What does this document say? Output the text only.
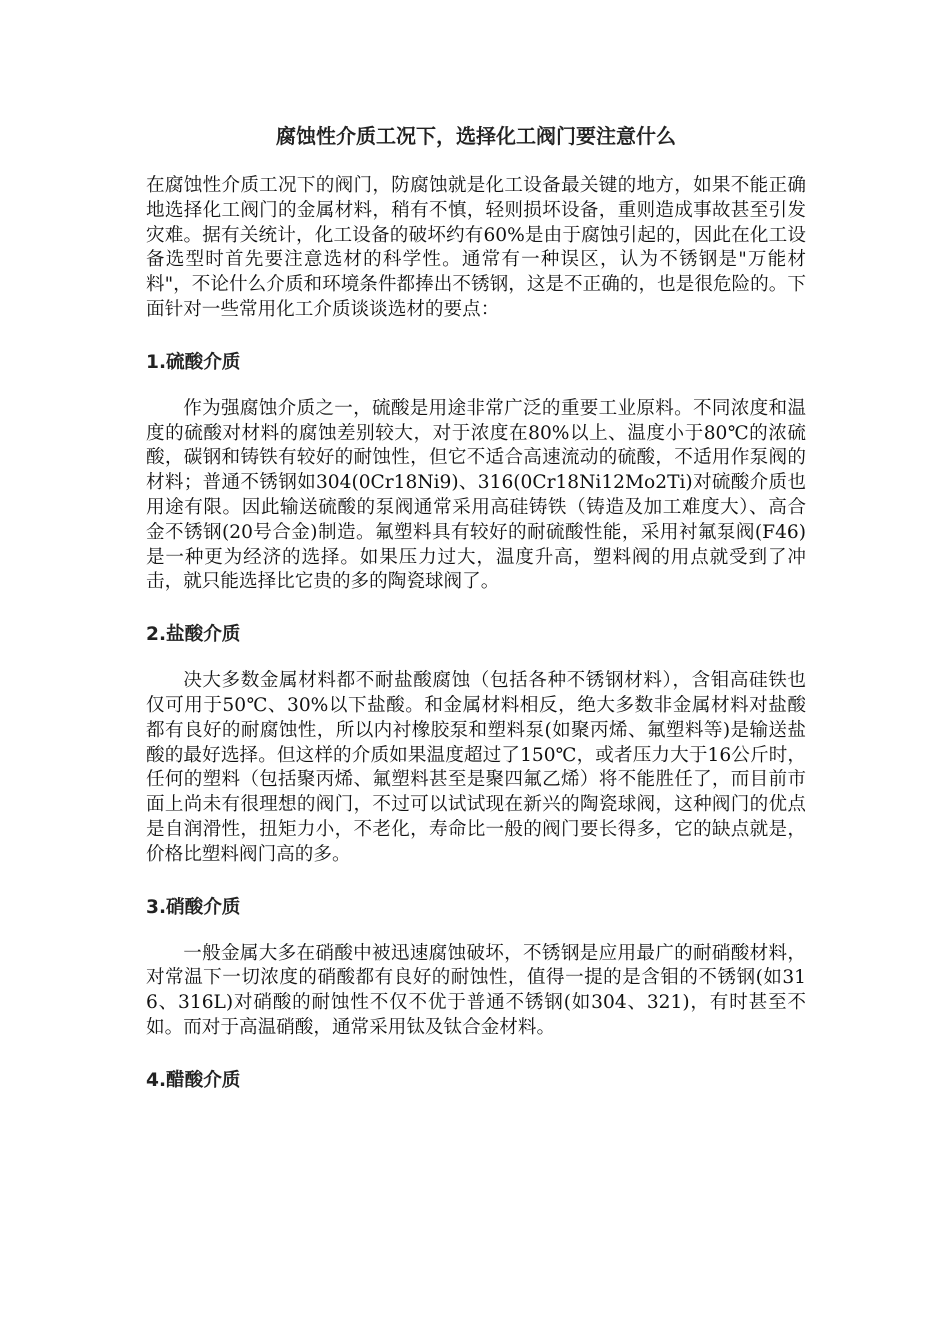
腐蚀性介质工况下，选择化工阀门要注意什么

在腐蚀性介质工况下的阀门，防腐蚀就是化工设备最关键的地方，如果不能正确地选择化工阀门的金属材料，稍有不慎，轻则损坏设备，重则造成事故甚至引发灾难。据有关统计，化工设备的破坏约有60%是由于腐蚀引起的，因此在化工设备选型时首先要注意选材的科学性。通常有一种误区，认为不锈钢是"万能材料"，不论什么介质和环境条件都捧出不锈钢，这是不正确的，也是很危险的。下面针对一些常用化工介质谈谈选材的要点：

1.硫酸介质

作为强腐蚀介质之一，硫酸是用途非常广泛的重要工业原料。不同浓度和温度的硫酸对材料的腐蚀差别较大，对于浓度在80%以上、温度小于80℃的浓硫酸，碳钢和铸铁有较好的耐蚀性，但它不适合高速流动的硫酸，不适用作泵阀的材料；普通不锈钢如304(0Cr18Ni9)、316(0Cr18Ni12Mo2Ti)对硫酸介质也用途有限。因此输送硫酸的泵阀通常采用高硅铸铁（铸造及加工难度大）、高合金不锈钢(20号合金)制造。氟塑料具有较好的耐硫酸性能，采用衬氟泵阀(F46)是一种更为经济的选择。如果压力过大，温度升高，塑料阀的用点就受到了冲击，就只能选择比它贵的多的陶瓷球阀了。

2.盐酸介质

决大多数金属材料都不耐盐酸腐蚀（包括各种不锈钢材料），含钼高硅铁也仅可用于50℃、30%以下盐酸。和金属材料相反，绝大多数非金属材料对盐酸都有良好的耐腐蚀性，所以内衬橡胶泵和塑料泵(如聚丙烯、氟塑料等)是输送盐酸的最好选择。但这样的介质如果温度超过了150℃，或者压力大于16公斤时，任何的塑料（包括聚丙烯、氟塑料甚至是聚四氟乙烯）将不能胜任了，而目前市面上尚未有很理想的阀门，不过可以试试现在新兴的陶瓷球阀，这种阀门的优点是自润滑性，扭矩力小，不老化，寿命比一般的阀门要长得多，它的缺点就是，价格比塑料阀门高的多。

3.硝酸介质

一般金属大多在硝酸中被迅速腐蚀破坏，不锈钢是应用最广的耐硝酸材料，对常温下一切浓度的硝酸都有良好的耐蚀性，值得一提的是含钼的不锈钢(如316、316L)对硝酸的耐蚀性不仅不优于普通不锈钢(如304、321)，有时甚至不如。而对于高温硝酸，通常采用钛及钛合金材料。

4.醋酸介质
